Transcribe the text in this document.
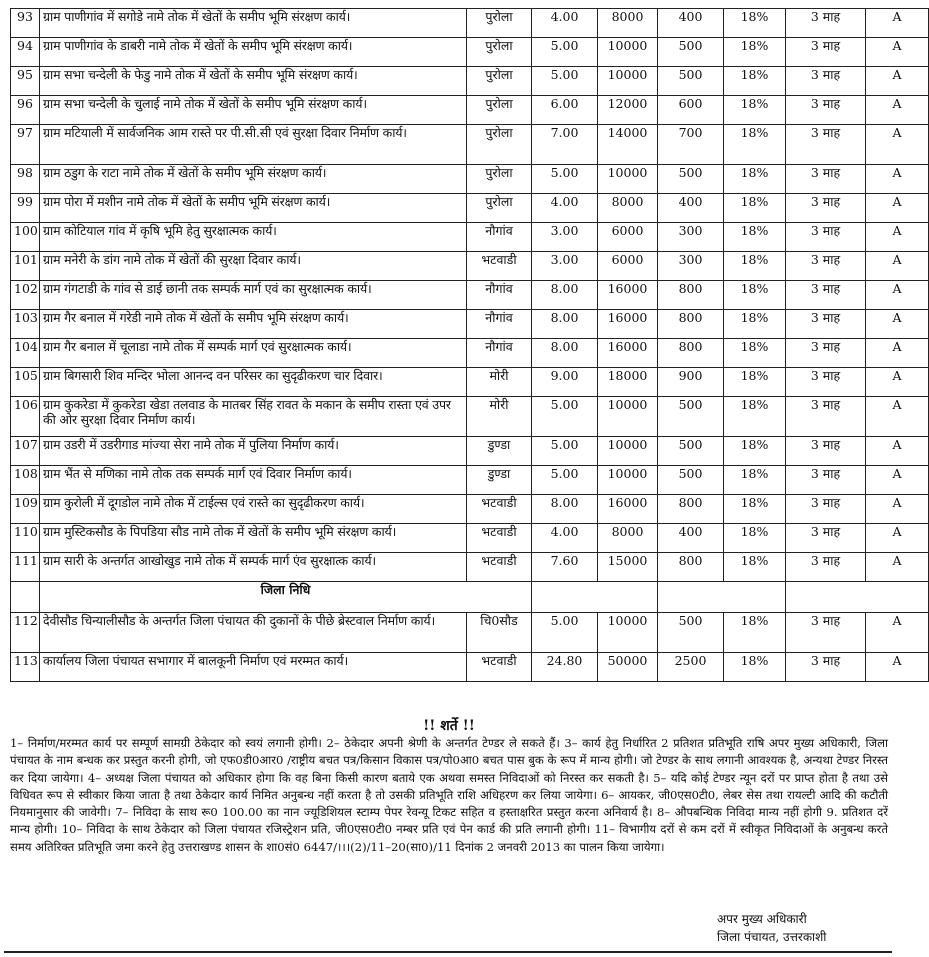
93	ग्राम पाणीगांव में सगोडे नामे तोक में खेतों के समीप भूमि संरक्षण कार्य।	पुरोला	4.00	8000	400	18%	3 माह	A
94	ग्राम पाणीगांव के डाबरी नामे तोक में खेतों के समीप भूमि संरक्षण कार्य।	पुरोला	5.00	10000	500	18%	3 माह	A
95	ग्राम सभा चन्देली के फेडु नामे तोक में खेतों के समीप भूमि संरक्षण कार्य।	पुरोला	5.00	10000	500	18%	3 माह	A
96	ग्राम सभा चन्देली के चुलाई नामे तोक में खेतों के समीप भूमि संरक्षण कार्य।	पुरोला	6.00	12000	600	18%	3 माह	A
97	ग्राम मटियाली में सार्वजनिक आम रास्ते पर पी.सी.सी एवं सुरक्षा दिवार निर्माण कार्य।	पुरोला	7.00	14000	700	18%	3 माह	A
98	ग्राम ठडुग के राटा नामे तोक में खेतों के समीप भूमि संरक्षण कार्य।	पुरोला	5.00	10000	500	18%	3 माह	A
99	ग्राम पोरा में मशीन नामे तोक में खेतों के समीप भूमि संरक्षण कार्य।	पुरोला	4.00	8000	400	18%	3 माह	A
100	ग्राम कोटियाल गांव में कृषि भूमि हेतु सुरक्षात्मक कार्य।	नौगांव	3.00	6000	300	18%	3 माह	A
101	ग्राम मनेरी के डांग नामे तोक में खेतों की सुरक्षा दिवार कार्य।	भटवाडी	3.00	6000	300	18%	3 माह	A
102	ग्राम गंगटाडी के गांव से डाई छानी तक सम्पर्क मार्ग एवं का सुरक्षात्मक कार्य।	नौगांव	8.00	16000	800	18%	3 माह	A
103	ग्राम गैर बनाल में गरेडी नामे तोक में खेतों के समीप भूमि संरक्षण कार्य।	नौगांव	8.00	16000	800	18%	3 माह	A
104	ग्राम गैर बनाल में चूलाडा नामे तोक में सम्पर्क मार्ग एवं सुरक्षात्मक कार्य।	नौगांव	8.00	16000	800	18%	3 माह	A
105	ग्राम बिगसारी शिव मन्दिर भोला आनन्द वन परिसर का सुदृढीकरण चार दिवार।	मोरी	9.00	18000	900	18%	3 माह	A
106	ग्राम कुकरेडा में कुकरेडा खेडा तलवाड के मातबर सिंह रावत के मकान के समीप रास्ता एवं उपर की ओर सुरक्षा दिवार निर्माण कार्य।	मोरी	5.00	10000	500	18%	3 माह	A
107	ग्राम उडरी में उडरीगाड मांज्या सेरा नामे तोक में पुलिया निर्माण कार्य।	डुण्डा	5.00	10000	500	18%	3 माह	A
108	ग्राम भैंत से मणिका नामे तोक तक सम्पर्क मार्ग एवं दिवार निर्माण कार्य।	डुण्डा	5.00	10000	500	18%	3 माह	A
109	ग्राम कुरोली में दूगडोल नामे तोक में टाईल्स एवं रास्ते का सुदृढीकरण कार्य।	भटवाडी	8.00	16000	800	18%	3 माह	A
110	ग्राम मुस्टिकसौड के पिपडिया सौड नामे तोक में खेतों के समीप भूमि संरक्षण कार्य।	भटवाडी	4.00	8000	400	18%	3 माह	A
111	ग्राम सारी के अन्तर्गत आखोखुड नामे तोक में सम्पर्क मार्ग एंव सुरक्षात्क कार्य।	भटवाडी	7.60	15000	800	18%	3 माह	A
	जिला निधि							
112	देवीसौड चिन्यालीसौड के अन्तर्गत जिला पंचायत की दुकानों के पीछे ब्रेस्टवाल निर्माण कार्य।	चि0सौड	5.00	10000	500	18%	3 माह	A
113	कार्यालय जिला पंचायत सभागार में बालकूनी निर्माण एवं मरम्मत कार्य।	भटवाडी	24.80	50000	2500	18%	3 माह	A
!! शर्ते !!
1– निर्माण/मरम्मत कार्य पर सम्पूर्ण सामग्री ठेकेदार को स्वयं लगानी होगी। 2– ठेकेदार अपनी श्रेणी के अन्तर्गत टेण्डर ले सकते हैं। 3– कार्य हेतु निर्धारित 2 प्रतिशत प्रतिभूति राषि अपर मुख्य अधिकारी, जिला पंचायत के नाम बन्धक कर प्रस्तुत करनी होगी, जो एफ0डी0आर0 /राष्ट्रीय बचत पत्र/किसान विकास पत्र/पो0आ0 बचत पास बुक के रूप में मान्य होगी। जो टेण्डर के साथ लगानी आवश्यक है, अन्यथा टेण्डर निरस्त कर दिया जायेगा। 4– अध्यक्ष जिला पंचायत को अधिकार होगा कि वह बिना किसी कारण बताये एक अथवा समस्त निविदाओं को निरस्त कर सकती है। 5– यदि कोई टेण्डर न्यून दरों पर प्राप्त होता है तथा उसे विधिवत रूप से स्वीकार किया जाता है तथा ठेकेदार कार्य निमित अनुबन्ध नहीं करता है तो उसकी प्रतिभूति राशि अधिहरण कर लिया जायेगा। 6– आयकर, जी0एस0टी0, लेबर सेस तथा रायल्टी आदि की कटौती नियमानुसार की जावेगी। 7– निविदा के साथ रू0 100.00 का नान ज्यूडिशियल स्टाम्प पेपर रेवन्यू टिकट सहित व हस्ताक्षरित प्रस्तुत करना अनिवार्य है। 8– औपबन्धिक निविदा मान्य नहीं होगी 9. प्रतिशत दरें मान्य होगी। 10– निविदा के साथ ठेकेदार को जिला पंचायत रजिस्ट्रेशन प्रति, जी0एस0टी0 नम्बर प्रति एवं पेन कार्ड की प्रति लगानी होगी। 11– विभागीय दरों से कम दरों में स्वीकृत निविदाओं के अनुबन्ध करते समय अतिरिक्त प्रतिभूति जमा करने हेतु उत्तराखण्ड शासन के शा0सं0 6447/।।।(2)/11–20(सा0)/11 दिनांक 2 जनवरी 2013 का पालन किया जायेगा।
अपर मुख्य अधिकारी
जिला पंचायत, उत्तरकाशी
